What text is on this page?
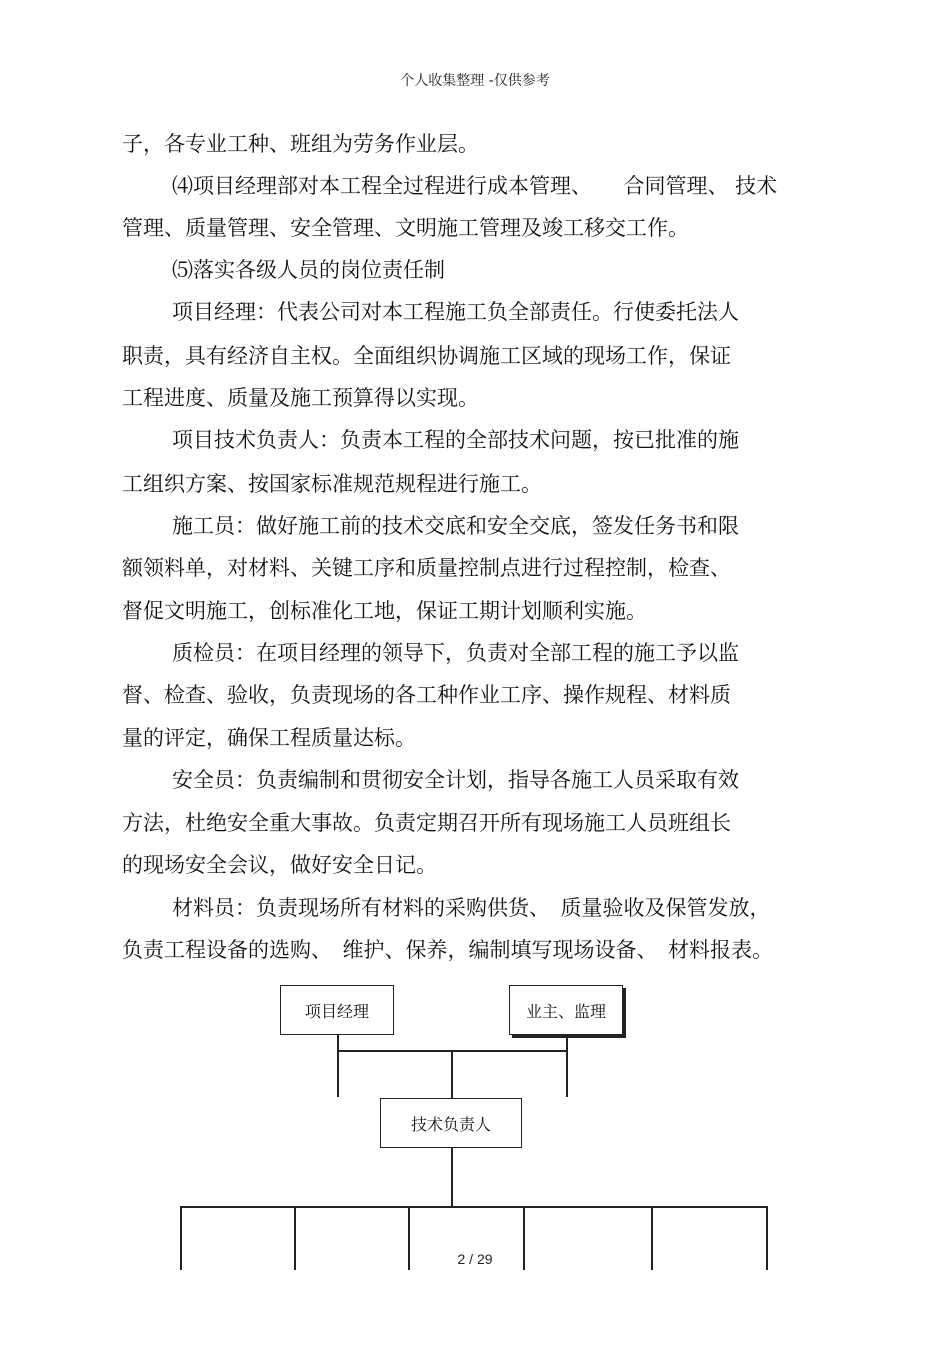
个人收集整理 -仅供参考
子，各专业工种、班组为劳务作业层。
⑷项目经理部对本工程全过程进行成本管理、　　合同管理、 技术
管理、质量管理、安全管理、文明施工管理及竣工移交工作。
⑸落实各级人员的岗位责任制
项目经理：代表公司对本工程施工负全部责任。行使委托法人
职责，具有经济自主权。全面组织协调施工区域的现场工作，保证
工程进度、质量及施工预算得以实现。
项目技术负责人：负责本工程的全部技术问题，按已批准的施
工组织方案、按国家标准规范规程进行施工。
施工员：做好施工前的技术交底和安全交底，签发任务书和限
额领料单，对材料、关键工序和质量控制点进行过程控制，检查、
督促文明施工，创标准化工地，保证工期计划顺利实施。
质检员：在项目经理的领导下，负责对全部工程的施工予以监
督、检查、验收，负责现场的各工种作业工序、操作规程、材料质
量的评定，确保工程质量达标。
安全员：负责编制和贯彻安全计划，指导各施工人员采取有效
方法，杜绝安全重大事故。负责定期召开所有现场施工人员班组长
的现场安全会议，做好安全日记。
材料员：负责现场所有材料的采购供货、　质量验收及保管发放，
负责工程设备的选购、　维护、保养，编制填写现场设备、　材料报表。
项目经理	业主、监理
技术负责人
2 / 29
